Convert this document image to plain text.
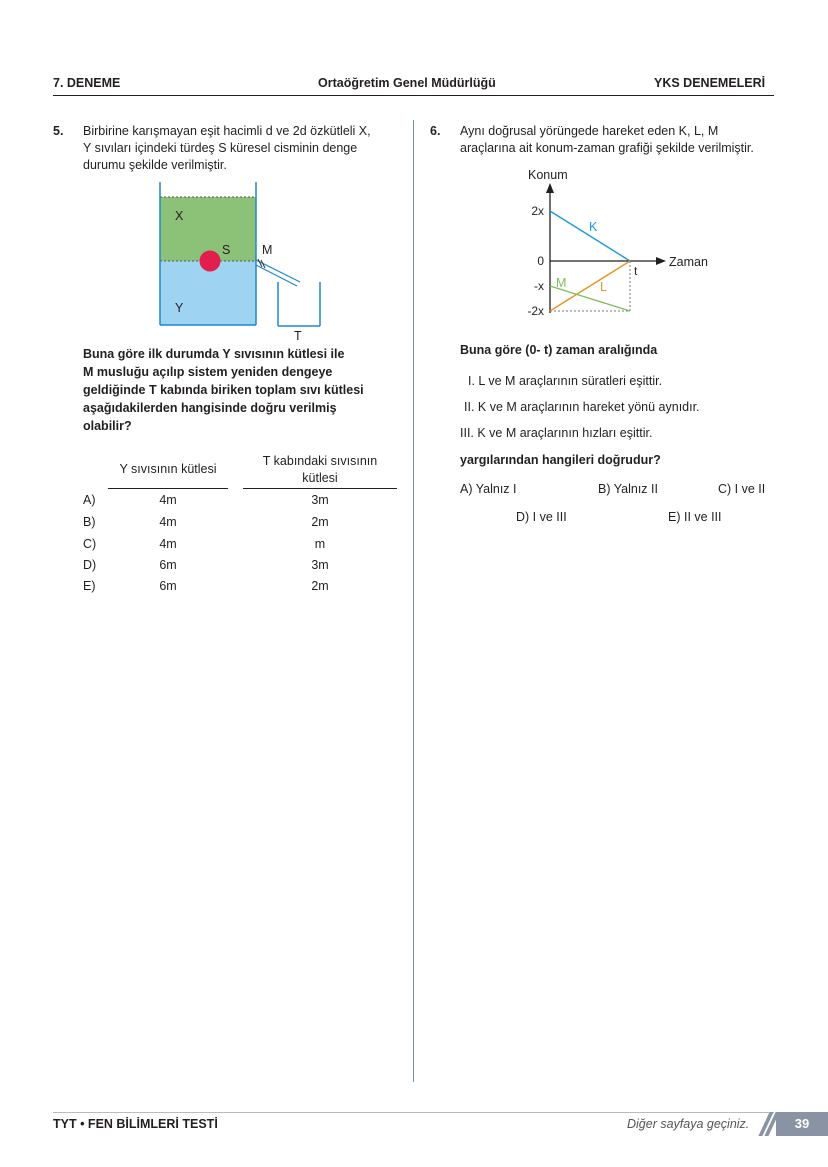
7. DENEME	Ortaöğretim Genel Müdürlüğü	YKS DENEMELERİ
5. Birbirine karışmayan eşit hacimli d ve 2d özkütleli X,
Y sıvıları içindeki türdeş S küresel cisminin denge
durumu şekilde verilmiştir.
X
S	M
Y
T
Buna göre ilk durumda Y sıvısının kütlesi ile
M musluğu açılıp sistem yeniden dengeye
geldiğinde T kabında biriken toplam sıvı kütlesi
aşağıdakilerden hangisinde doğru verilmiş
olabilir?
Y sıvısının kütlesi
T kabındaki sıvısının
kütlesi
A)	4m	3m
B)	4m	2m
C)	4m	m
D)	6m	3m
E)	6m	2m
6. Aynı doğrusal yörüngede hareket eden K, L, M
araçlarına ait konum-zaman grafiği şekilde verilmiştir.
Konum
Zaman
2x
0
-x
-2x
t
K
M	L
Buna göre (0- t) zaman aralığında
I. L ve M araçlarının süratleri eşittir.
II. K ve M araçlarının hareket yönü aynıdır.
III. K ve M araçlarının hızları eşittir.
yargılarından hangileri doğrudur?
A) Yalnız I	B) Yalnız II	C) I ve II
D) I ve III	E) II ve III
TYT • FEN BİLİMLERİ TESTİ	Diğer sayfaya geçiniz.	39
